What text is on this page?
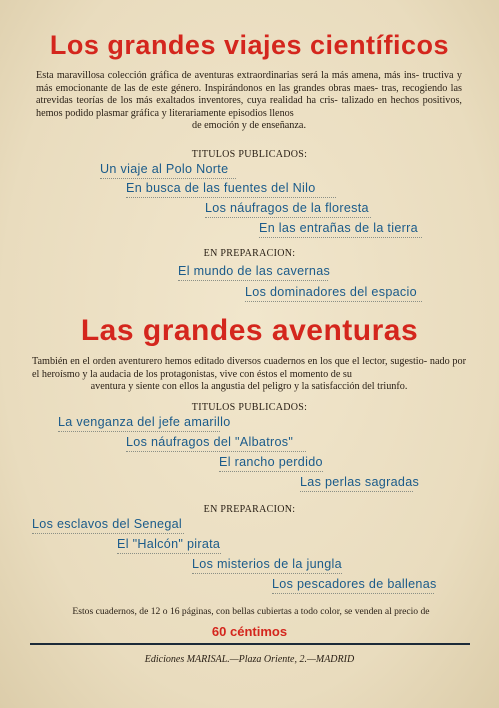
Los grandes viajes científicos
Esta maravillosa colección gráfica de aventuras extraordinarias será la más amena, más ins- tructiva y más emocionante de las de este género. Inspirándonos en las grandes obras maes- tras, recogiendo las atrevidas teorías de los más exaltados inventores, cuya realidad ha cris- talizado en hechos positivos, hemos podido plasmar gráfica y literariamente episodios llenos
de emoción y de enseñanza.
TITULOS PUBLICADOS:
Un viaje al Polo Norte
En busca de las fuentes del Nilo
Los náufragos de la floresta
En las entrañas de la tierra
EN PREPARACION:
El mundo de las cavernas
Los dominadores del espacio
Las grandes aventuras
También en el orden aventurero hemos editado diversos cuadernos en los que el lector, sugestio- nado por el heroísmo y la audacia de los protagonistas, vive con éstos el momento de su
aventura y siente con ellos la angustia del peligro y la satisfacción del triunfo.
TITULOS PUBLICADOS:
La venganza del jefe amarillo
Los náufragos del "Albatros"
El rancho perdido
Las perlas sagradas
EN PREPARACION:
Los esclavos del Senegal
El "Halcón" pirata
Los misterios de la jungla
Los pescadores de ballenas
Estos cuadernos, de 12 o 16 páginas, con bellas cubiertas a todo color, se venden al precio de
60 céntimos
Ediciones MARISAL.—Plaza Oriente, 2.—MADRID
